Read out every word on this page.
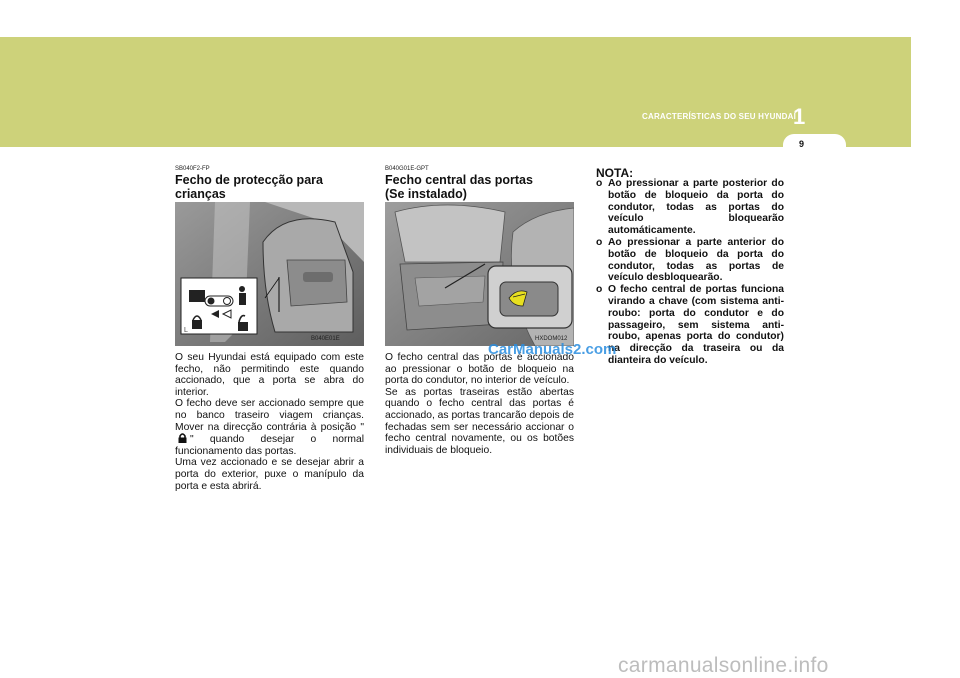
CARACTERÍSTICAS DO SEU HYUNDAI
1
9
SB040F2-FP
Fecho de protecção para
crianças
L
B040E01E

O seu Hyundai está equipado com este fecho, não permitindo este quando accionado, que a porta se abra do interior.

O fecho deve ser accionado sempre que no banco traseiro viagem crianças. Mover na direcção contrária à posição "" quando desejar o normal funcionamento das portas.

Uma vez accionado e se desejar abrir a porta do exterior, puxe o manípulo da porta e esta abrirá.

B040G01E-GPT
Fecho central das portas
(Se instalado)
HXDOM012

O fecho central das portas é accionado ao pressionar o botão de bloqueio na porta do condutor, no interior de veículo.

Se as portas traseiras estão abertas quando o fecho central das portas é accionado, as portas trancarão depois de fechadas sem ser necessário accionar o fecho central novamente, ou os botões individuais de bloqueio.

NOTA:
o Ao pressionar a parte posterior do botão de bloqueio da porta do condutor, todas as portas do veículo bloquearão automáticamente.
o Ao pressionar a parte anterior do botão de bloqueio da porta do condutor, todas as portas de veículo desbloquearão.
o O fecho central de portas funciona virando a chave (com sistema anti-roubo: porta do condutor e do passageiro, sem sistema anti-roubo, apenas porta do condutor) na direcção da traseira ou da dianteira do veículo.
CarManuals2.com
carmanualsonline.info
